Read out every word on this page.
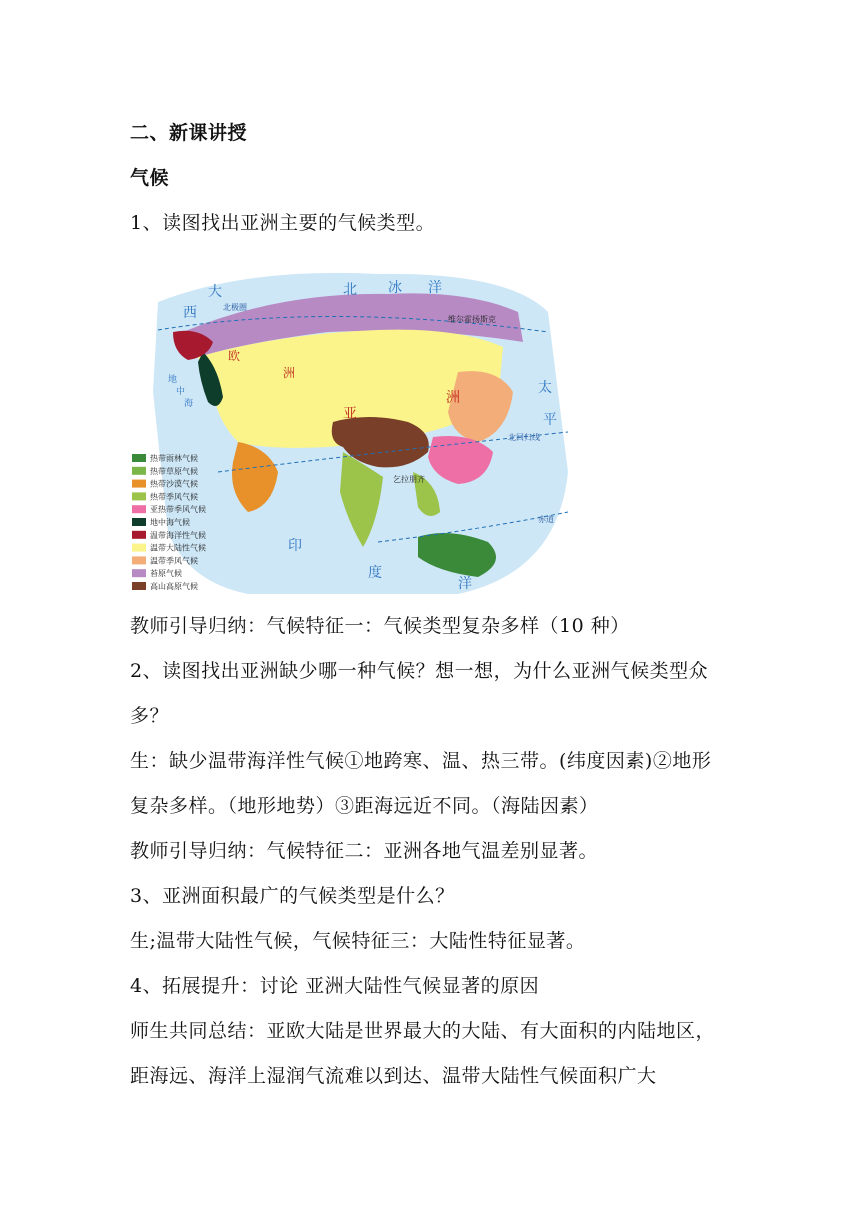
二、新课讲授
气候
1、读图找出亚洲主要的气候类型。
北极圈
北回归线
赤道
维尔霍扬斯克
乞拉朋齐
大
西
北 冰 洋
太
平
印
度
洋
亚
洲
欧
洲
地
中
海
热带雨林气候
热带草原气候
热带沙漠气候
热带季风气候
亚热带季风气候
地中海气候
温带海洋性气候
温带大陆性气候
温带季风气候
苔原气候
高山高原气候
教师引导归纳：气候特征一：气候类型复杂多样（10 种）
2、读图找出亚洲缺少哪一种气候？想一想，为什么亚洲气候类型众
多？
生：缺少温带海洋性气候①地跨寒、温、热三带。(纬度因素)②地形
复杂多样。（地形地势）③距海远近不同。（海陆因素）
教师引导归纳：气候特征二：亚洲各地气温差别显著。
3、亚洲面积最广的气候类型是什么？
生;温带大陆性气候，气候特征三：大陆性特征显著。
4、拓展提升：讨论 亚洲大陆性气候显著的原因
师生共同总结：亚欧大陆是世界最大的大陆、有大面积的内陆地区，
距海远、海洋上湿润气流难以到达、温带大陆性气候面积广大
